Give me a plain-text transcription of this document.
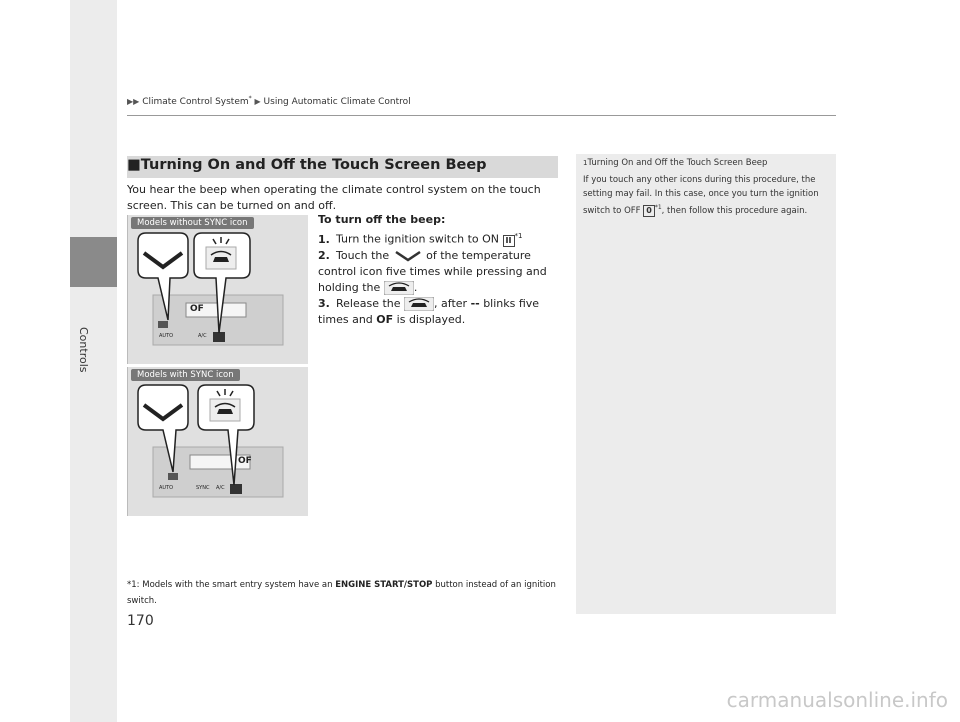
Controls
▶▶ Climate Control System* ▶ Using Automatic Climate Control
■Turning On and Off the Touch Screen Beep
You hear the beep when operating the climate control system on the touch screen. This can be turned on and off.
To turn off the beep:
1. Turn the ignition switch to ON II $^{*1}$
2. Touch the	of the temperature control icon five times while pressing and holding the	.
3. Release the	, after -- blinks five times and OF is displayed.
Models without SYNC icon
OF
AUTO	A/C
Models with SYNC icon
OF
AUTO	SYNC A/C
*1: Models with the smart entry system have an ENGINE START/STOP button instead of an ignition switch.
1Turning On and Off the Touch Screen Beep
If you touch any other icons during this procedure, the setting may fail. In this case, once you turn the ignition switch to OFF 0 $^{*1}$, then follow this procedure again.
170
carmanualsonline.info
